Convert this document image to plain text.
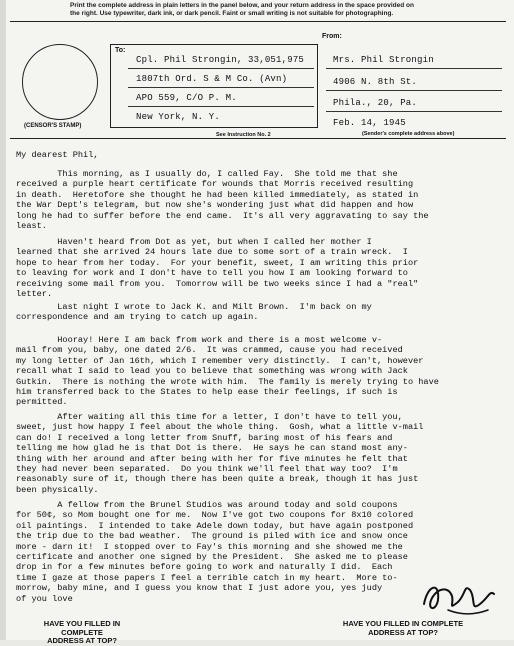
Print the complete address in plain letters in the panel below, and your return address in the space provided on
the right. Use typewriter, dark ink, or dark pencil. Faint or small writing is not suitable for photographing.
(CENSOR'S STAMP)
To:
From:
Cpl. Phil Strongin, 33,051,975
1807th Ord. S & M Co. (Avn)
APO 559, C/O P. M.
New York, N. Y.
See Instruction No. 2
Mrs. Phil Strongin
4906 N. 8th St.
Phila., 20, Pa.
Feb. 14, 1945
(Sender's complete address above)
My dearest Phil,
This morning, as I usually do, I called Fay.  She told me that she
received a purple heart certificate for wounds that Morris received resulting
in death.  Heretofore she thought he had been killed immediately, as stated in
the War Dept's telegram, but now she's wondering just what did happen and how
long he had to suffer before the end came.  It's all very aggravating to say the
least.
Haven't heard from Dot as yet, but when I called her mother I
learned that she arrived 24 hours late due to some sort of a train wreck.  I
hope to hear from her today.  For your benefit, sweet, I am writing this prior
to leaving for work and I don't have to tell you how I am looking forward to
receiving some mail from you.  Tomorrow will be two weeks since I had a "real"
letter.
Last night I wrote to Jack K. and Milt Brown.  I'm back on my
correspondence and am trying to catch up again.
Hooray! Here I am back from work and there is a most welcome v-
mail from you, baby, one dated 2/6.  It was crammed, cause you had received
my long letter of Jan 16th, which I remember very distinctly.  I can't, however
recall what I said to lead you to believe that something was wrong with Jack
Gutkin.  There is nothing the wrote with him.  The family is merely trying to have
him transferred back to the States to help ease their feelings, if such is
permitted.
After waiting all this time for a letter, I don't have to tell you,
sweet, just how happy I feel about the whole thing.  Gosh, what a little v-mail
can do! I received a long letter from Snuff, baring most of his fears and
telling me how glad he is that Dot is there.  He says he can stand most any-
thing with her around and after being with her for five minutes he felt that
they had never been separated.  Do you think we'll feel that way too?  I'm
reasonably sure of it, though there has been quite a break, though it has just
been physically.
A fellow from the Brunel Studios was around today and sold coupons
for 50¢, so Mom bought one for me.  Now I've got two coupons for 8x10 colored
oil paintings.  I intended to take Adele down today, but have again postponed
the trip due to the bad weather.  The ground is piled with ice and snow once
more - darn it!  I stopped over to Fay's this morning and she showed me the
certificate and another one signed by the President.  She asked me to please
drop in for a few minutes before going to work and naturally I did.  Each
time I gaze at those papers I feel a terrible catch in my heart.  More to-
morrow, baby mine, and I guess you know that I just adore you, yes judy
of you love
HAVE YOU FILLED IN COMPLETE
ADDRESS AT TOP?
HAVE YOU FILLED IN COMPLETE
ADDRESS AT TOP?
